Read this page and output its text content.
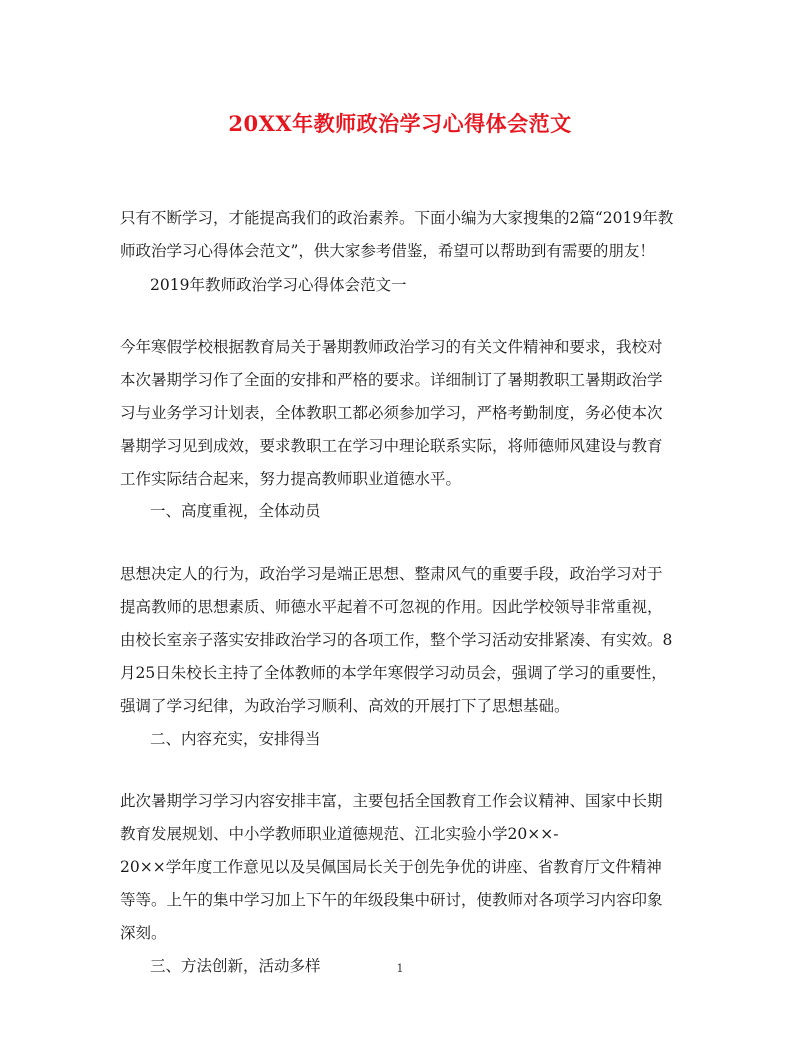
20XX年教师政治学习心得体会范文
只有不断学习，才能提高我们的政治素养。下面小编为大家搜集的2篇“2019年教
师政治学习心得体会范文”，供大家参考借鉴，希望可以帮助到有需要的朋友！
2019年教师政治学习心得体会范文一
今年寒假学校根据教育局关于暑期教师政治学习的有关文件精神和要求，我校对
本次暑期学习作了全面的安排和严格的要求。详细制订了暑期教职工暑期政治学
习与业务学习计划表，全体教职工都必须参加学习，严格考勤制度，务必使本次
暑期学习见到成效，要求教职工在学习中理论联系实际，将师德师风建设与教育
工作实际结合起来，努力提高教师职业道德水平。
一、高度重视，全体动员
思想决定人的行为，政治学习是端正思想、整肃风气的重要手段，政治学习对于
提高教师的思想素质、师德水平起着不可忽视的作用。因此学校领导非常重视，
由校长室亲子落实安排政治学习的各项工作，整个学习活动安排紧凑、有实效。8
月25日朱校长主持了全体教师的本学年寒假学习动员会，强调了学习的重要性，
强调了学习纪律，为政治学习顺利、高效的开展打下了思想基础。
二、内容充实，安排得当
此次暑期学习学习内容安排丰富，主要包括全国教育工作会议精神、国家中长期
教育发展规划、中小学教师职业道德规范、江北实验小学20××-
20××学年度工作意见以及吴佩国局长关于创先争优的讲座、省教育厅文件精神
等等。上午的集中学习加上下午的年级段集中研讨，使教师对各项学习内容印象
深刻。
三、方法创新，活动多样	1
